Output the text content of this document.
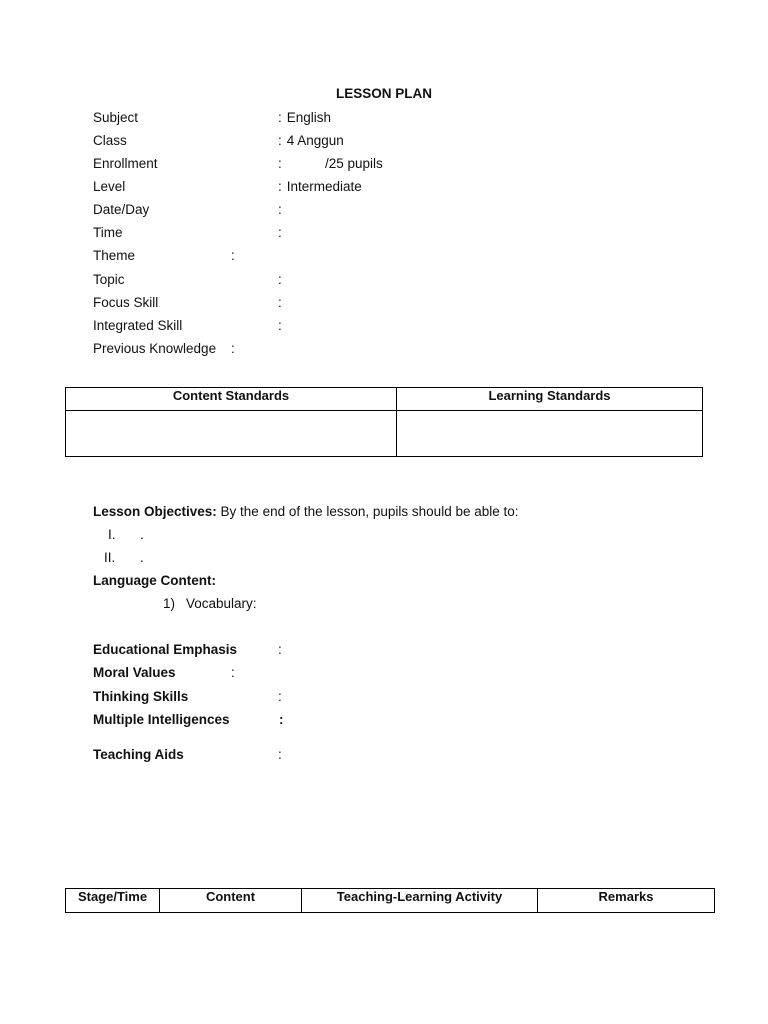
LESSON PLAN
Subject	: English
Class	: 4 Anggun
Enrollment	:	/25 pupils
Level	: Intermediate
Date/Day	:
Time	:
Theme	:
Topic	:
Focus Skill	:
Integrated Skill	:
Previous Knowledge :
Content Standards	Learning Standards

Lesson Objectives: By the end of the lesson, pupils should be able to:
I. .
II. .
Language Content:
1) Vocabulary:
Educational Emphasis	:
Moral Values	:
Thinking Skills	:
Multiple Intelligences	:
Teaching Aids	:
Stage/Time	Content	Teaching-Learning Activity	Remarks
